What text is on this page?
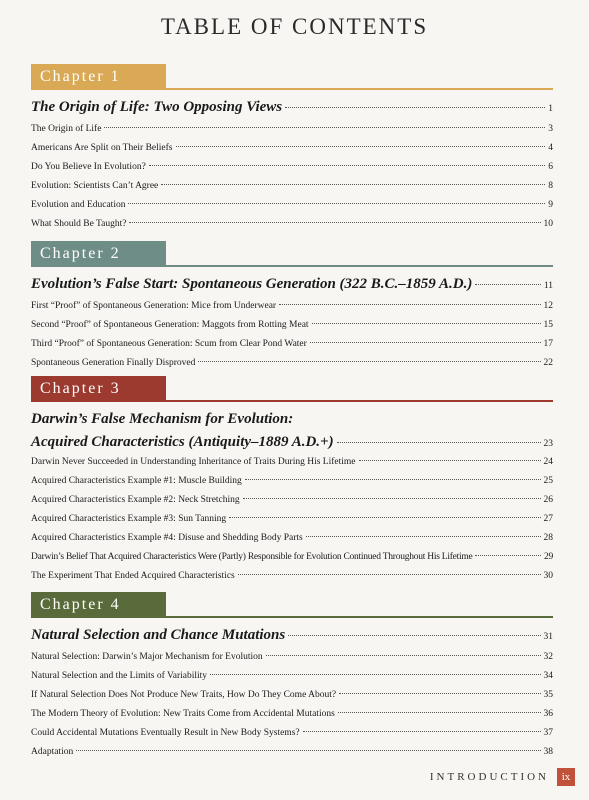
TABLE OF CONTENTS
Chapter 1
The Origin of Life: Two Opposing Views	1
The Origin of Life	3
Americans Are Split on Their Beliefs	4
Do You Believe In Evolution?	6
Evolution: Scientists Can’t Agree	8
Evolution and Education	9
What Should Be Taught?	10
Chapter 2
Evolution’s False Start: Spontaneous Generation (322 B.C.–1859 A.D.)	11
First “Proof” of Spontaneous Generation: Mice from Underwear	12
Second “Proof” of Spontaneous Generation: Maggots from Rotting Meat	15
Third “Proof” of Spontaneous Generation: Scum from Clear Pond Water	17
Spontaneous Generation Finally Disproved	22
Chapter 3
Darwin’s False Mechanism for Evolution:
Acquired Characteristics (Antiquity–1889 A.D.+)	23
Darwin Never Succeeded in Understanding Inheritance of Traits During His Lifetime	24
Acquired Characteristics Example #1: Muscle Building	25
Acquired Characteristics Example #2: Neck Stretching	26
Acquired Characteristics Example #3: Sun Tanning	27
Acquired Characteristics Example #4: Disuse and Shedding Body Parts	28
Darwin’s Belief That Acquired Characteristics Were (Partly) Responsible for Evolution Continued Throughout His Lifetime	29
The Experiment That Ended Acquired Characteristics	30
Chapter 4
Natural Selection and Chance Mutations	31
Natural Selection: Darwin’s Major Mechanism for Evolution	32
Natural Selection and the Limits of Variability	34
If Natural Selection Does Not Produce New Traits, How Do They Come About?	35
The Modern Theory of Evolution: New Traits Come from Accidental Mutations	36
Could Accidental Mutations Eventually Result in New Body Systems?	37
Adaptation	38
INTRODUCTION	ix
